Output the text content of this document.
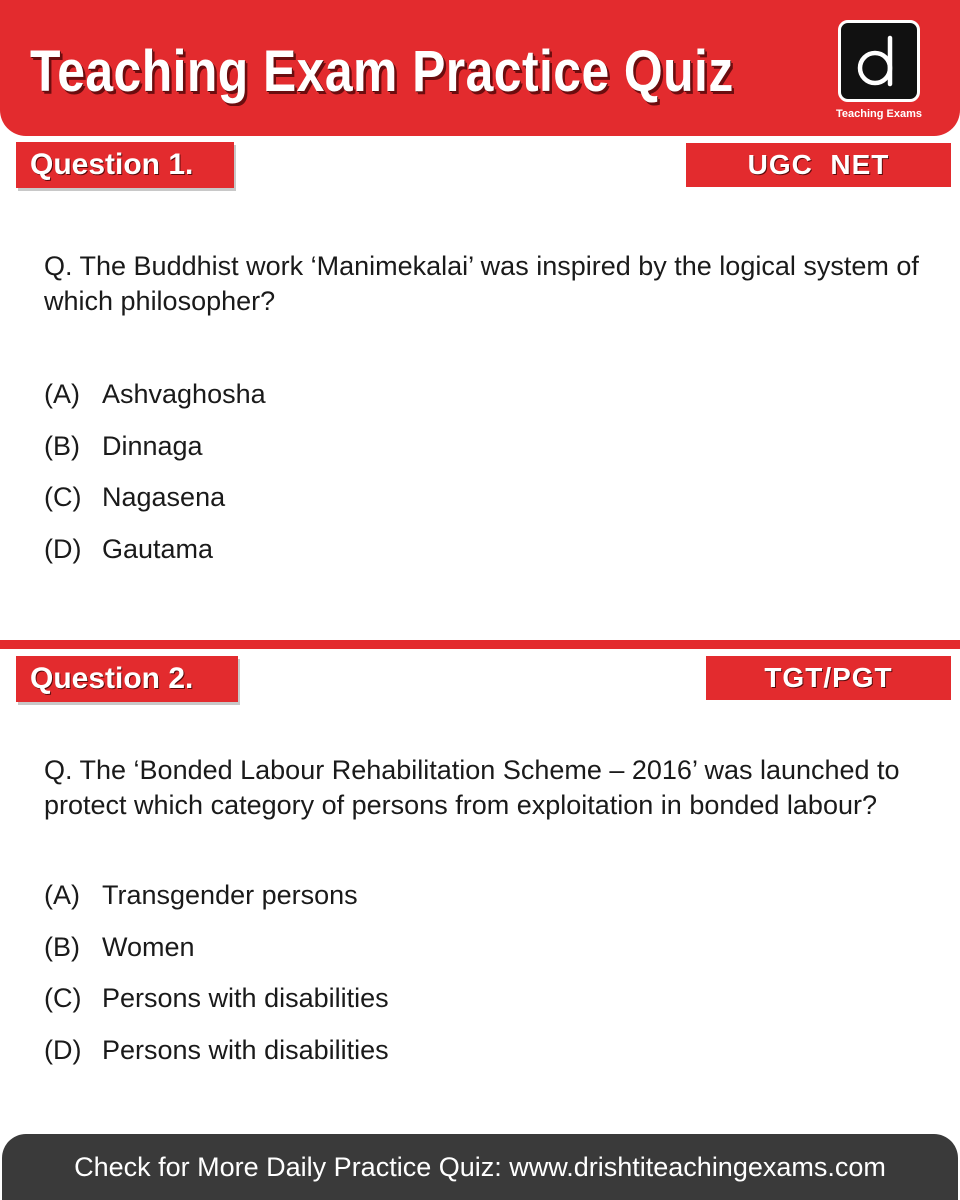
Teaching Exam Practice Quiz
Teaching Exams
Question 1.	UGC  NET
Q. The Buddhist work ‘Manimekalai’ was inspired by the logical system of which philosopher?
(A) Ashvaghosha
(B) Dinnaga
(C) Nagasena
(D) Gautama
Question 2.	TGT/PGT
Q. The ‘Bonded Labour Rehabilitation Scheme – 2016’ was launched to protect which category of persons from exploitation in bonded labour?
(A) Transgender persons
(B) Women
(C) Persons with disabilities
(D) Persons with disabilities
Check for More Daily Practice Quiz: www.drishtiteachingexams.com
